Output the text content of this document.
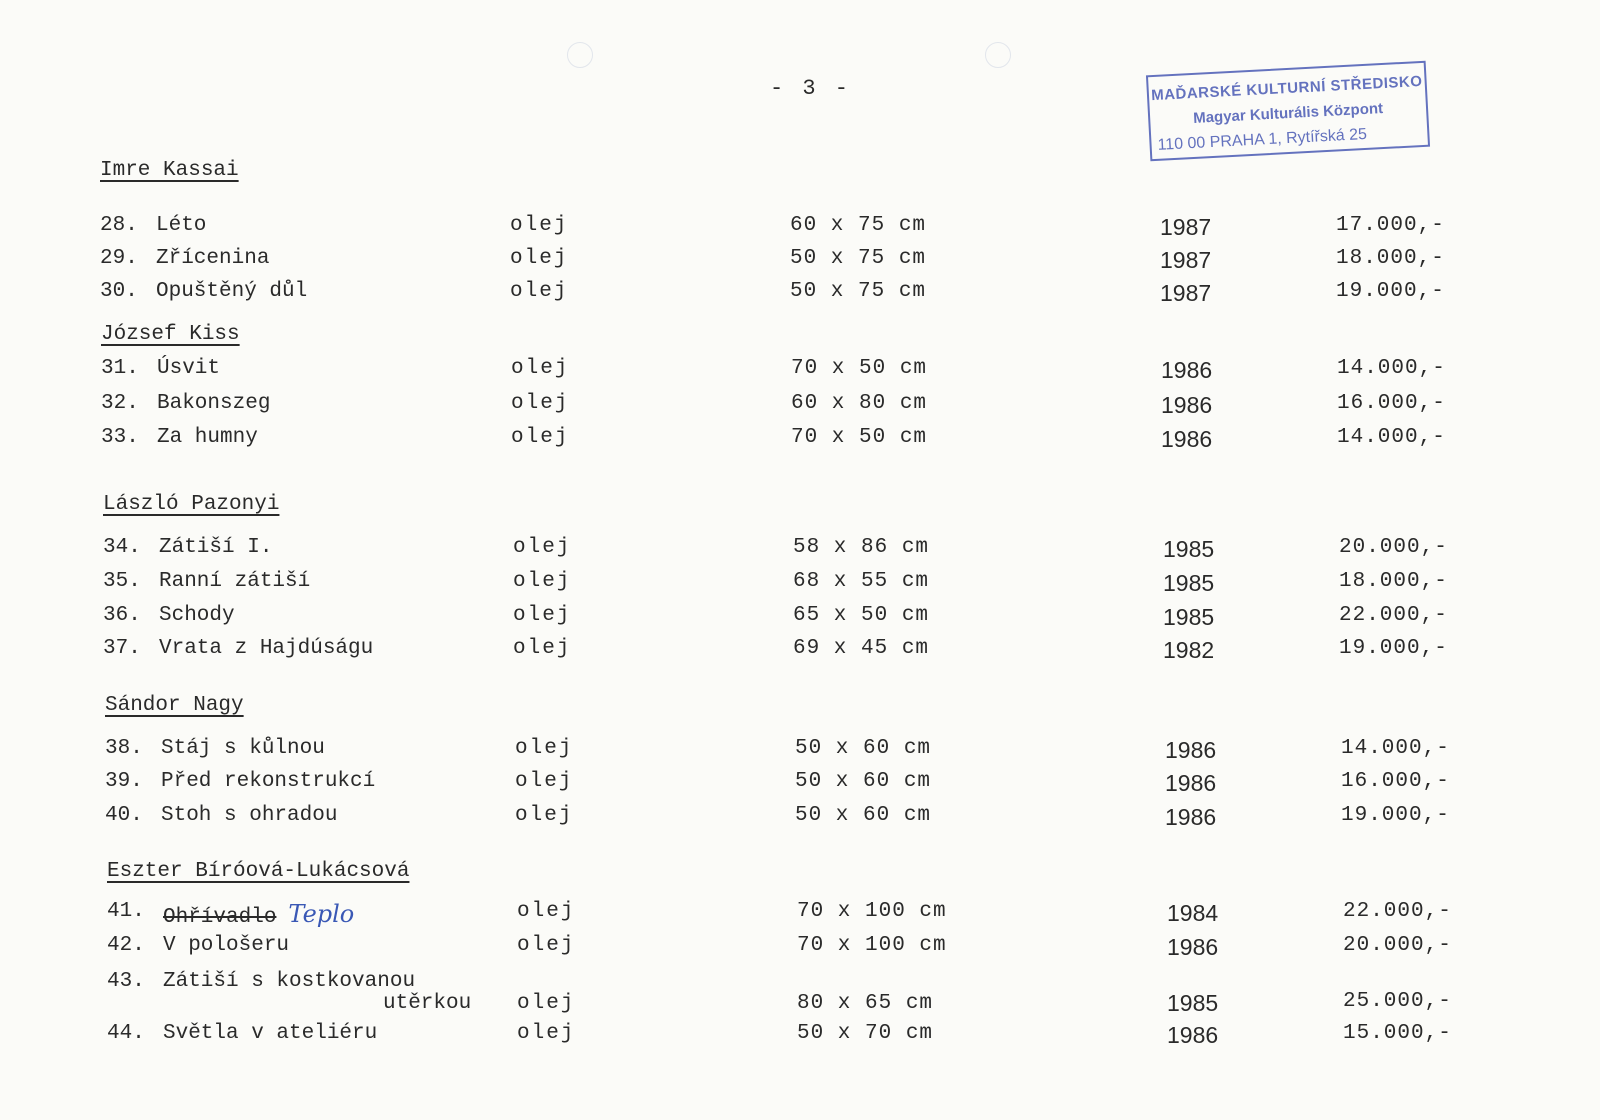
- 3 -	MAĎARSKÉ KULTURNÍ STŘEDISKO
Magyar Kulturális Központ
110 00 PRAHA 1, Rytířská 25
Imre Kassai
28. Léto	olej	60 x 75 cm	1987	17.000,-
29. Zřícenina	olej	50 x 75 cm	1987	18.000,-
30. Opuštěný důl	olej	50 x 75 cm	1987	19.000,-
József Kiss
31. Úsvit	olej	70 x 50 cm	1986	14.000,-
32. Bakonszeg	olej	60 x 80 cm	1986	16.000,-
33. Za humny	olej	70 x 50 cm	1986	14.000,-
László Pazonyi
34. Zátiší I.	olej	58 x 86 cm	1985	20.000,-
35. Ranní zátiší	olej	68 x 55 cm	1985	18.000,-
36. Schody	olej	65 x 50 cm	1985	22.000,-
37. Vrata z Hajdúságu	olej	69 x 45 cm	1982	19.000,-
Sándor Nagy
38. Stáj s kůlnou	olej	50 x 60 cm	1986	14.000,-
39. Před rekonstrukcí	olej	50 x 60 cm	1986	16.000,-
40. Stoh s ohradou	olej	50 x 60 cm	1986	19.000,-
Eszter Bíróová-Lukácsová
41. Ohřívadlo Teplo	olej	70 x 100 cm	1984	22.000,-
42. V pološeru	olej	70 x 100 cm	1986	20.000,-
43. Zátiší s kostkovanou
utěrkou olej	80 x 65 cm	1985	25.000,-
44. Světla v ateliéru	olej	50 x 70 cm	1986	15.000,-
